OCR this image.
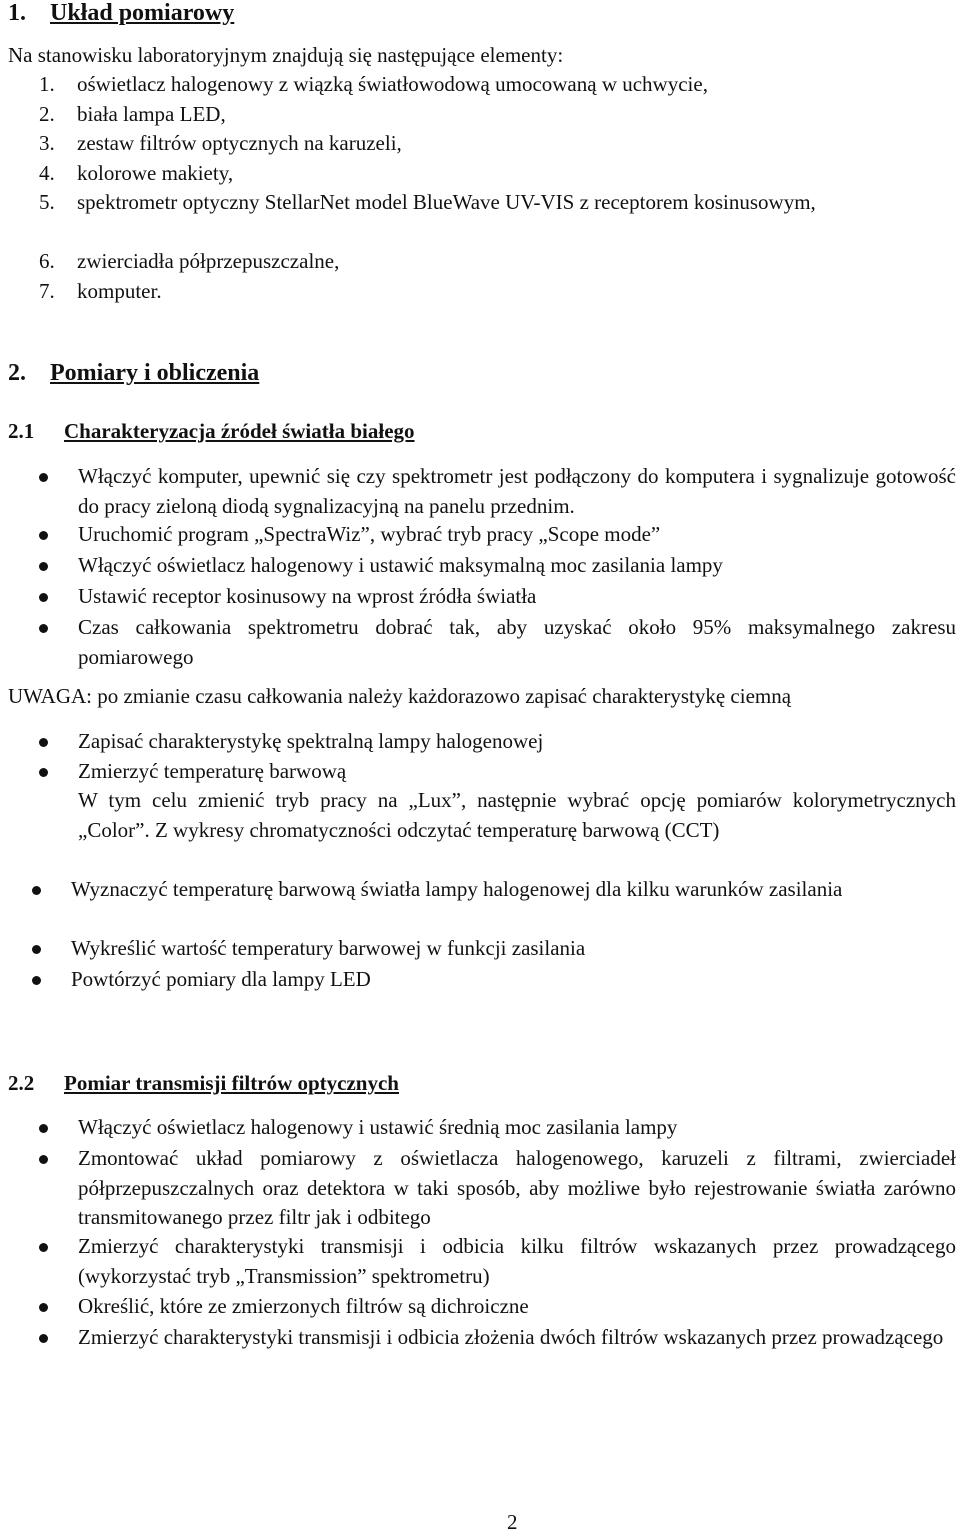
1. Układ pomiarowy

Na stanowisku laboratoryjnym znajdują się następujące elementy:

1. oświetlacz halogenowy z wiązką światłowodową umocowaną w uchwycie,
2. biała lampa LED,
3. zestaw filtrów optycznych na karuzeli,
4. kolorowe makiety,
5. spektrometr optyczny StellarNet model BlueWave UV-VIS z receptorem kosinusowym,

6. zwierciadła półprzepuszczalne,
7. komputer.
2. Pomiary i obliczenia
2.1 Charakteryzacja źródeł światła białego

Włączyć komputer, upewnić się czy spektrometr jest podłączony do komputera i sygnalizuje gotowość do pracy zieloną diodą sygnalizacyjną na panelu przednim.

Uruchomić program „SpectraWiz”, wybrać tryb pracy „Scope mode”

Włączyć oświetlacz halogenowy i ustawić maksymalną moc zasilania lampy

Ustawić receptor kosinusowy na wprost źródła światła

Czas całkowania spektrometru dobrać tak, aby uzyskać około 95% maksymalnego zakresu pomiarowego

UWAGA: po zmianie czasu całkowania należy każdorazowo zapisać charakterystykę ciemną

Zapisać charakterystykę spektralną lampy halogenowej

Zmierzyć temperaturę barwową

W tym celu zmienić tryb pracy na „Lux”, następnie wybrać opcję pomiarów kolorymetrycznych „Color”. Z wykresy chromatyczności odczytać temperaturę barwową (CCT)

Wyznaczyć temperaturę barwową światła lampy halogenowej dla kilku warunków zasilania

Wykreślić wartość temperatury barwowej w funkcji zasilania

Powtórzyć pomiary dla lampy LED

2.2 Pomiar transmisji filtrów optycznych

Włączyć oświetlacz halogenowy i ustawić średnią moc zasilania lampy

Zmontować układ pomiarowy z oświetlacza halogenowego, karuzeli z filtrami, zwierciadeł półprzepuszczalnych oraz detektora w taki sposób, aby możliwe było rejestrowanie światła zarówno transmitowanego przez filtr jak i odbitego

Zmierzyć charakterystyki transmisji i odbicia kilku filtrów wskazanych przez prowadzącego (wykorzystać tryb „Transmission” spektrometru)

Określić, które ze zmierzonych filtrów są dichroiczne

Zmierzyć charakterystyki transmisji i odbicia złożenia dwóch filtrów wskazanych przez prowadzącego

2
